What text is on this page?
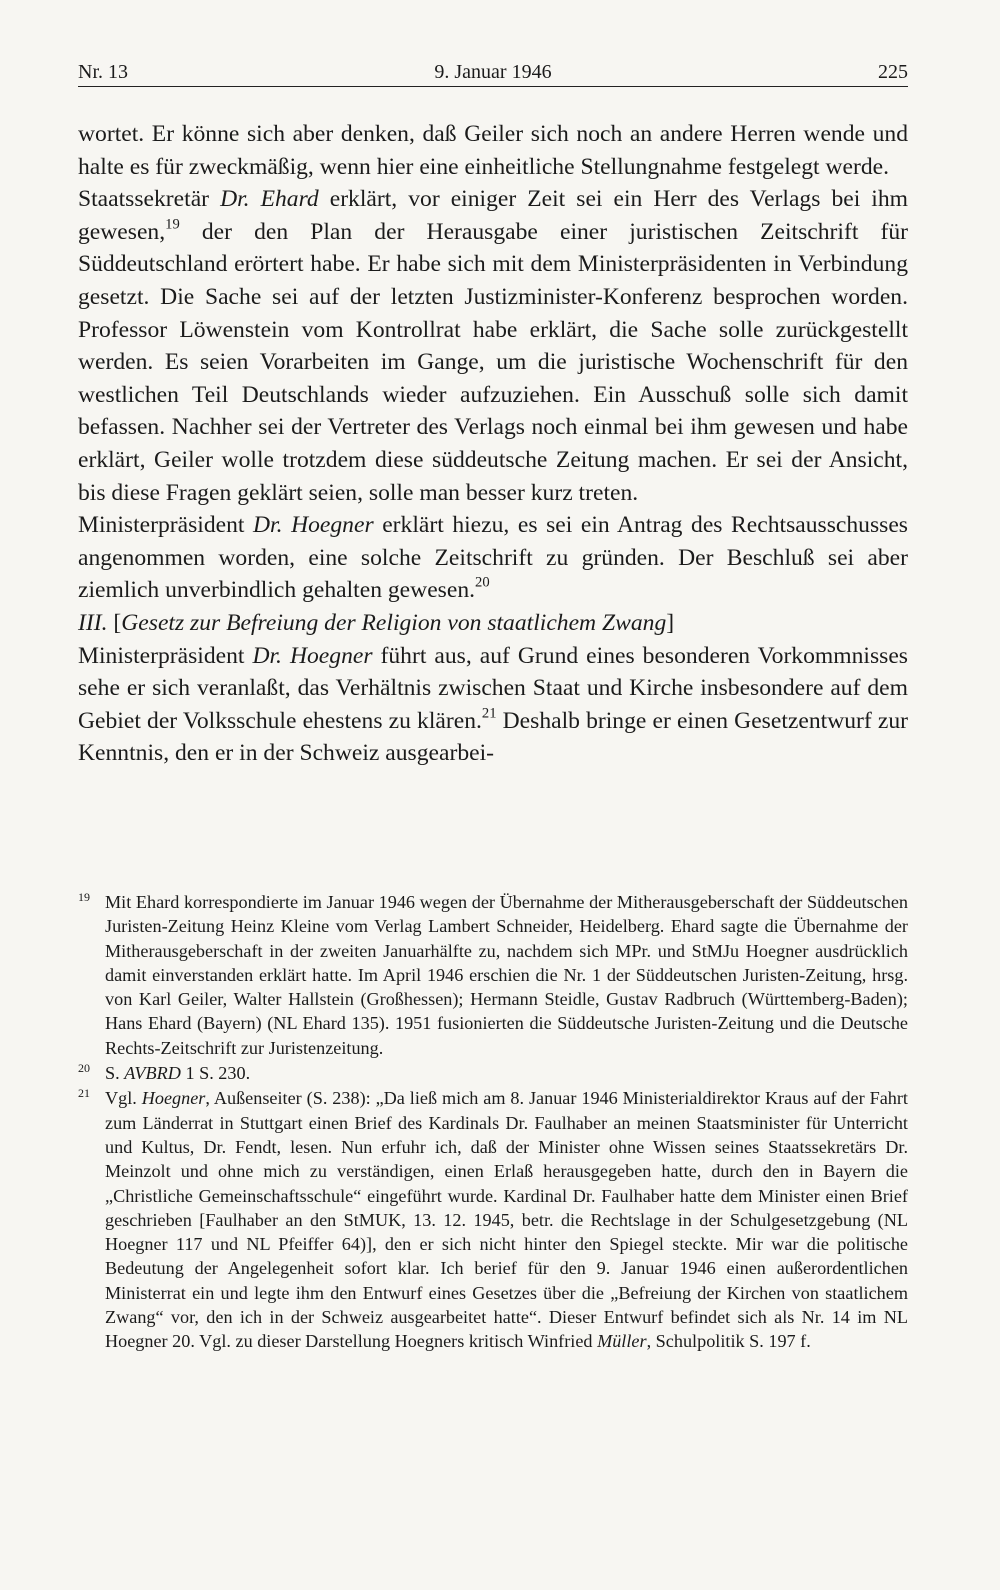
Nr. 13	9. Januar 1946	225

wortet. Er könne sich aber denken, daß Geiler sich noch an andere Herren wende und halte es für zweckmäßig, wenn hier eine einheitliche Stellungnahme festgelegt werde.

Staatssekretär Dr. Ehard erklärt, vor einiger Zeit sei ein Herr des Verlags bei ihm gewesen,$^{19}$ der den Plan der Herausgabe einer juristischen Zeitschrift für Süddeutschland erörtert habe. Er habe sich mit dem Ministerpräsidenten in Verbindung gesetzt. Die Sache sei auf der letzten Justizminister-Konferenz besprochen worden. Professor Löwenstein vom Kontrollrat habe erklärt, die Sache solle zurückgestellt werden. Es seien Vorarbeiten im Gange, um die juristische Wochenschrift für den westlichen Teil Deutschlands wieder aufzuziehen. Ein Ausschuß solle sich damit befassen. Nachher sei der Vertreter des Verlags noch einmal bei ihm gewesen und habe erklärt, Geiler wolle trotzdem diese süddeutsche Zeitung machen. Er sei der Ansicht, bis diese Fragen geklärt seien, solle man besser kurz treten.

Ministerpräsident Dr. Hoegner erklärt hiezu, es sei ein Antrag des Rechtsausschusses angenommen worden, eine solche Zeitschrift zu gründen. Der Beschluß sei aber ziemlich unverbindlich gehalten gewesen.$^{20}$

III. [Gesetz zur Befreiung der Religion von staatlichem Zwang]

Ministerpräsident Dr. Hoegner führt aus, auf Grund eines besonderen Vorkommnisses sehe er sich veranlaßt, das Verhältnis zwischen Staat und Kirche insbesondere auf dem Gebiet der Volksschule ehestens zu klären.$^{21}$ Deshalb bringe er einen Gesetzentwurf zur Kenntnis, den er in der Schweiz ausgearbei-

19 Mit Ehard korrespondierte im Januar 1946 wegen der Übernahme der Mitherausgeberschaft der Süddeutschen Juristen-Zeitung Heinz Kleine vom Verlag Lambert Schneider, Heidelberg. Ehard sagte die Übernahme der Mitherausgeberschaft in der zweiten Januarhälfte zu, nachdem sich MPr. und StMJu Hoegner ausdrücklich damit einverstanden erklärt hatte. Im April 1946 erschien die Nr. 1 der Süddeutschen Juristen-Zeitung, hrsg. von Karl Geiler, Walter Hallstein (Großhessen); Hermann Steidle, Gustav Radbruch (Württemberg-Baden); Hans Ehard (Bayern) (NL Ehard 135). 1951 fusionierten die Süddeutsche Juristen-Zeitung und die Deutsche Rechts-Zeitschrift zur Juristenzeitung.
20 S. AVBRD 1 S. 230.
21 Vgl. Hoegner, Außenseiter (S. 238): „Da ließ mich am 8. Januar 1946 Ministerialdirektor Kraus auf der Fahrt zum Länderrat in Stuttgart einen Brief des Kardinals Dr. Faulhaber an meinen Staatsminister für Unterricht und Kultus, Dr. Fendt, lesen. Nun erfuhr ich, daß der Minister ohne Wissen seines Staatssekretärs Dr. Meinzolt und ohne mich zu verständigen, einen Erlaß herausgegeben hatte, durch den in Bayern die „Christliche Gemeinschaftsschule“ eingeführt wurde. Kardinal Dr. Faulhaber hatte dem Minister einen Brief geschrieben [Faulhaber an den StMUK, 13. 12. 1945, betr. die Rechtslage in der Schulgesetzgebung (NL Hoegner 117 und NL Pfeiffer 64)], den er sich nicht hinter den Spiegel steckte. Mir war die politische Bedeutung der Angelegenheit sofort klar. Ich berief für den 9. Januar 1946 einen außerordentlichen Ministerrat ein und legte ihm den Entwurf eines Gesetzes über die „Befreiung der Kirchen von staatlichem Zwang“ vor, den ich in der Schweiz ausgearbeitet hatte“. Dieser Entwurf befindet sich als Nr. 14 im NL Hoegner 20. Vgl. zu dieser Darstellung Hoegners kritisch Winfried Müller, Schulpolitik S. 197 f.
